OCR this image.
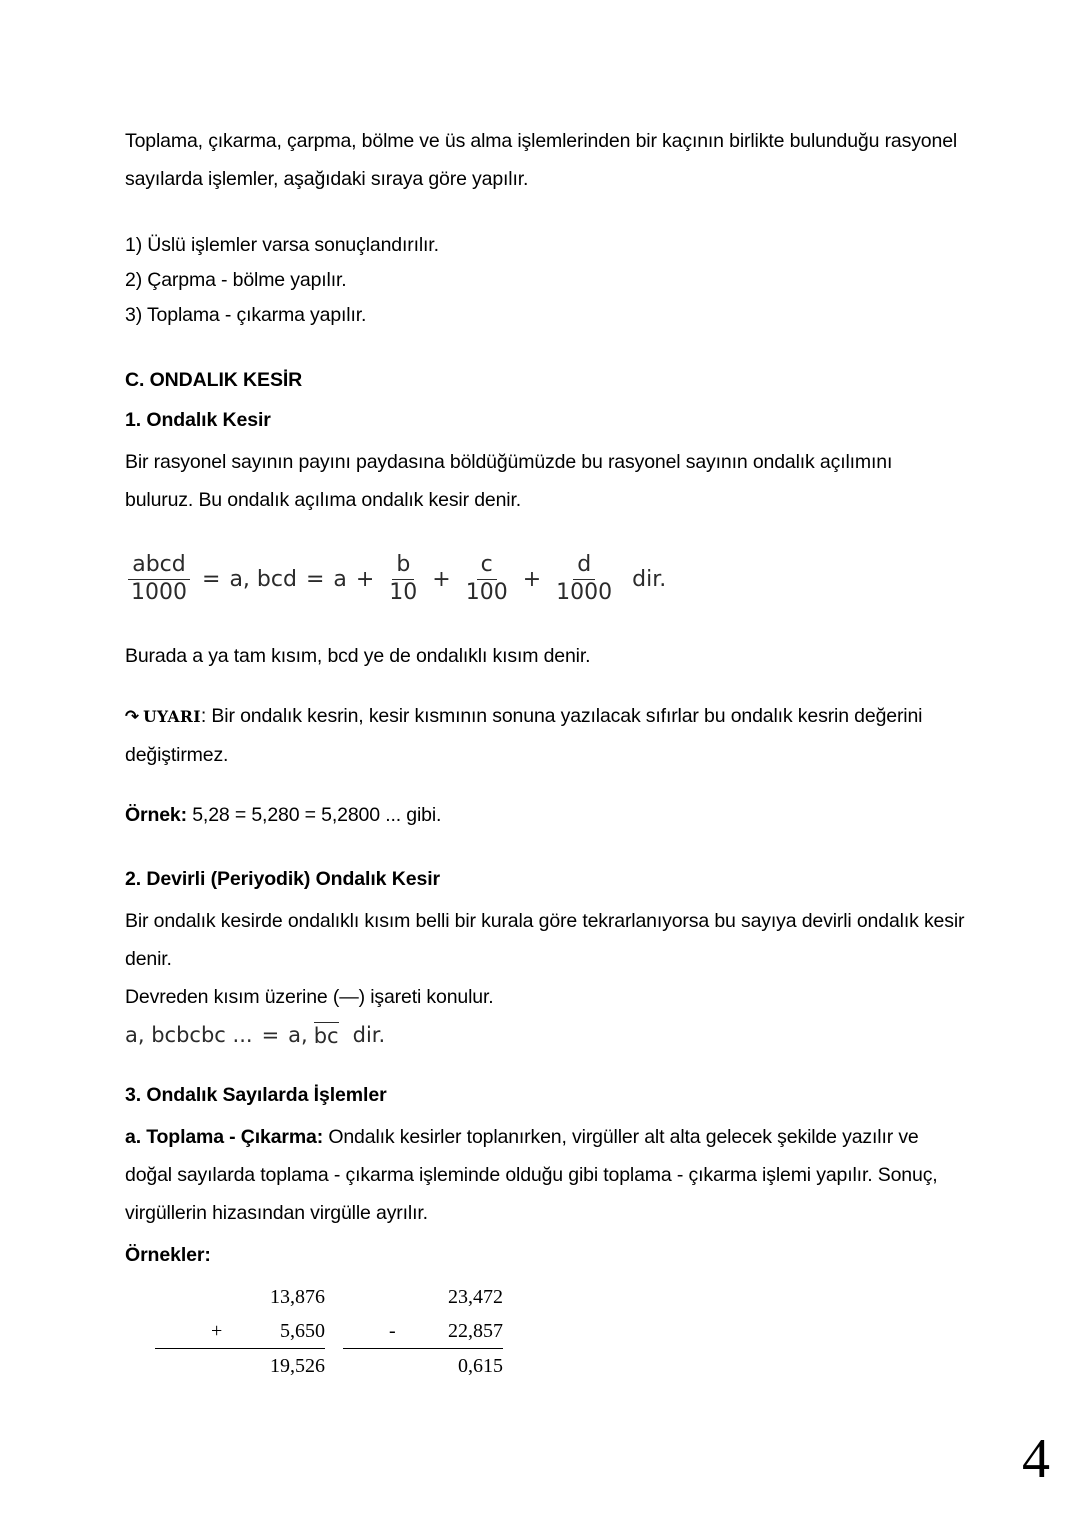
Toplama, çıkarma, çarpma, bölme ve üs alma işlemlerinden bir kaçının birlikte bulunduğu rasyonel sayılarda işlemler, aşağıdaki sıraya göre yapılır.

1) Üslü işlemler varsa sonuçlandırılır.
2) Çarpma - bölme yapılır.
3) Toplama - çıkarma yapılır.
C. ONDALIK KESİR
1. Ondalık Kesir

Bir rasyonel sayının payını paydasına böldüğümüzde bu rasyonel sayının ondalık açılımını buluruz. Bu ondalık açılıma ondalık kesir denir.

$\frac{\text{abcd}}{1000} = a$, bcd = $a + \frac{b}{10} + \frac{c}{100} + \frac{d}{1000}$ dir.

Burada a ya tam kısım, bcd ye de ondalıklı kısım denir.

↶ UYARI: Bir ondalık kesrin, kesir kısmının sonuna yazılacak sıfırlar bu ondalık kesrin değerini değiştirmez.

Örnek: 5,28 = 5,280 = 5,2800 ... gibi.

2. Devirli (Periyodik) Ondalık Kesir

Bir ondalık kesirde ondalıklı kısım belli bir kurala göre tekrarlanıyorsa bu sayıya devirli ondalık kesir denir.

Devreden kısım üzerine (—) işareti konulur.

a, bcbcbc ... = a, bc dir.
3. Ondalık Sayılarda İşlemler

a. Toplama - Çıkarma: Ondalık kesirler toplanırken, virgüller alt alta gelecek şekilde yazılır ve doğal sayılarda toplama - çıkarma işleminde olduğu gibi toplama - çıkarma işlemi yapılır. Sonuç, virgüllerin hizasından virgülle ayrılır.

Örnekler:
13,876
+	5,650
19,526
23,472
-	22,857
0,615
4
